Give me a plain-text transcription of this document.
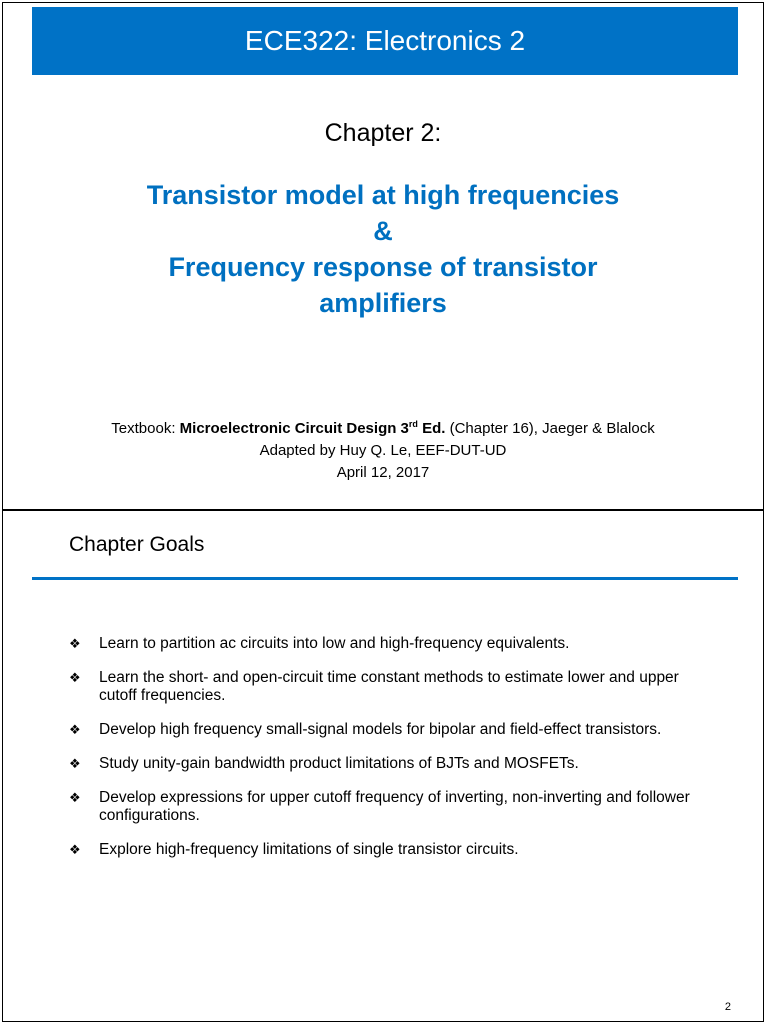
ECE322: Electronics 2
Chapter 2:
Transistor model at high frequencies
&
Frequency response of transistor
amplifiers
Textbook: Microelectronic Circuit Design 3rd Ed. (Chapter 16), Jaeger & Blalock
Adapted by Huy Q. Le, EEF-DUT-UD
April 12, 2017
Chapter Goals
❖	Learn to partition ac circuits into low and high-frequency equivalents.
❖	Learn the short- and open-circuit time constant methods to estimate lower and upper cutoff frequencies.
❖	Develop high frequency small-signal models for bipolar and field-effect transistors.
❖	Study unity-gain bandwidth product limitations of BJTs and MOSFETs.
❖	Develop expressions for upper cutoff frequency of inverting, non-inverting and follower configurations.
❖	Explore high-frequency limitations of single transistor circuits.
2
